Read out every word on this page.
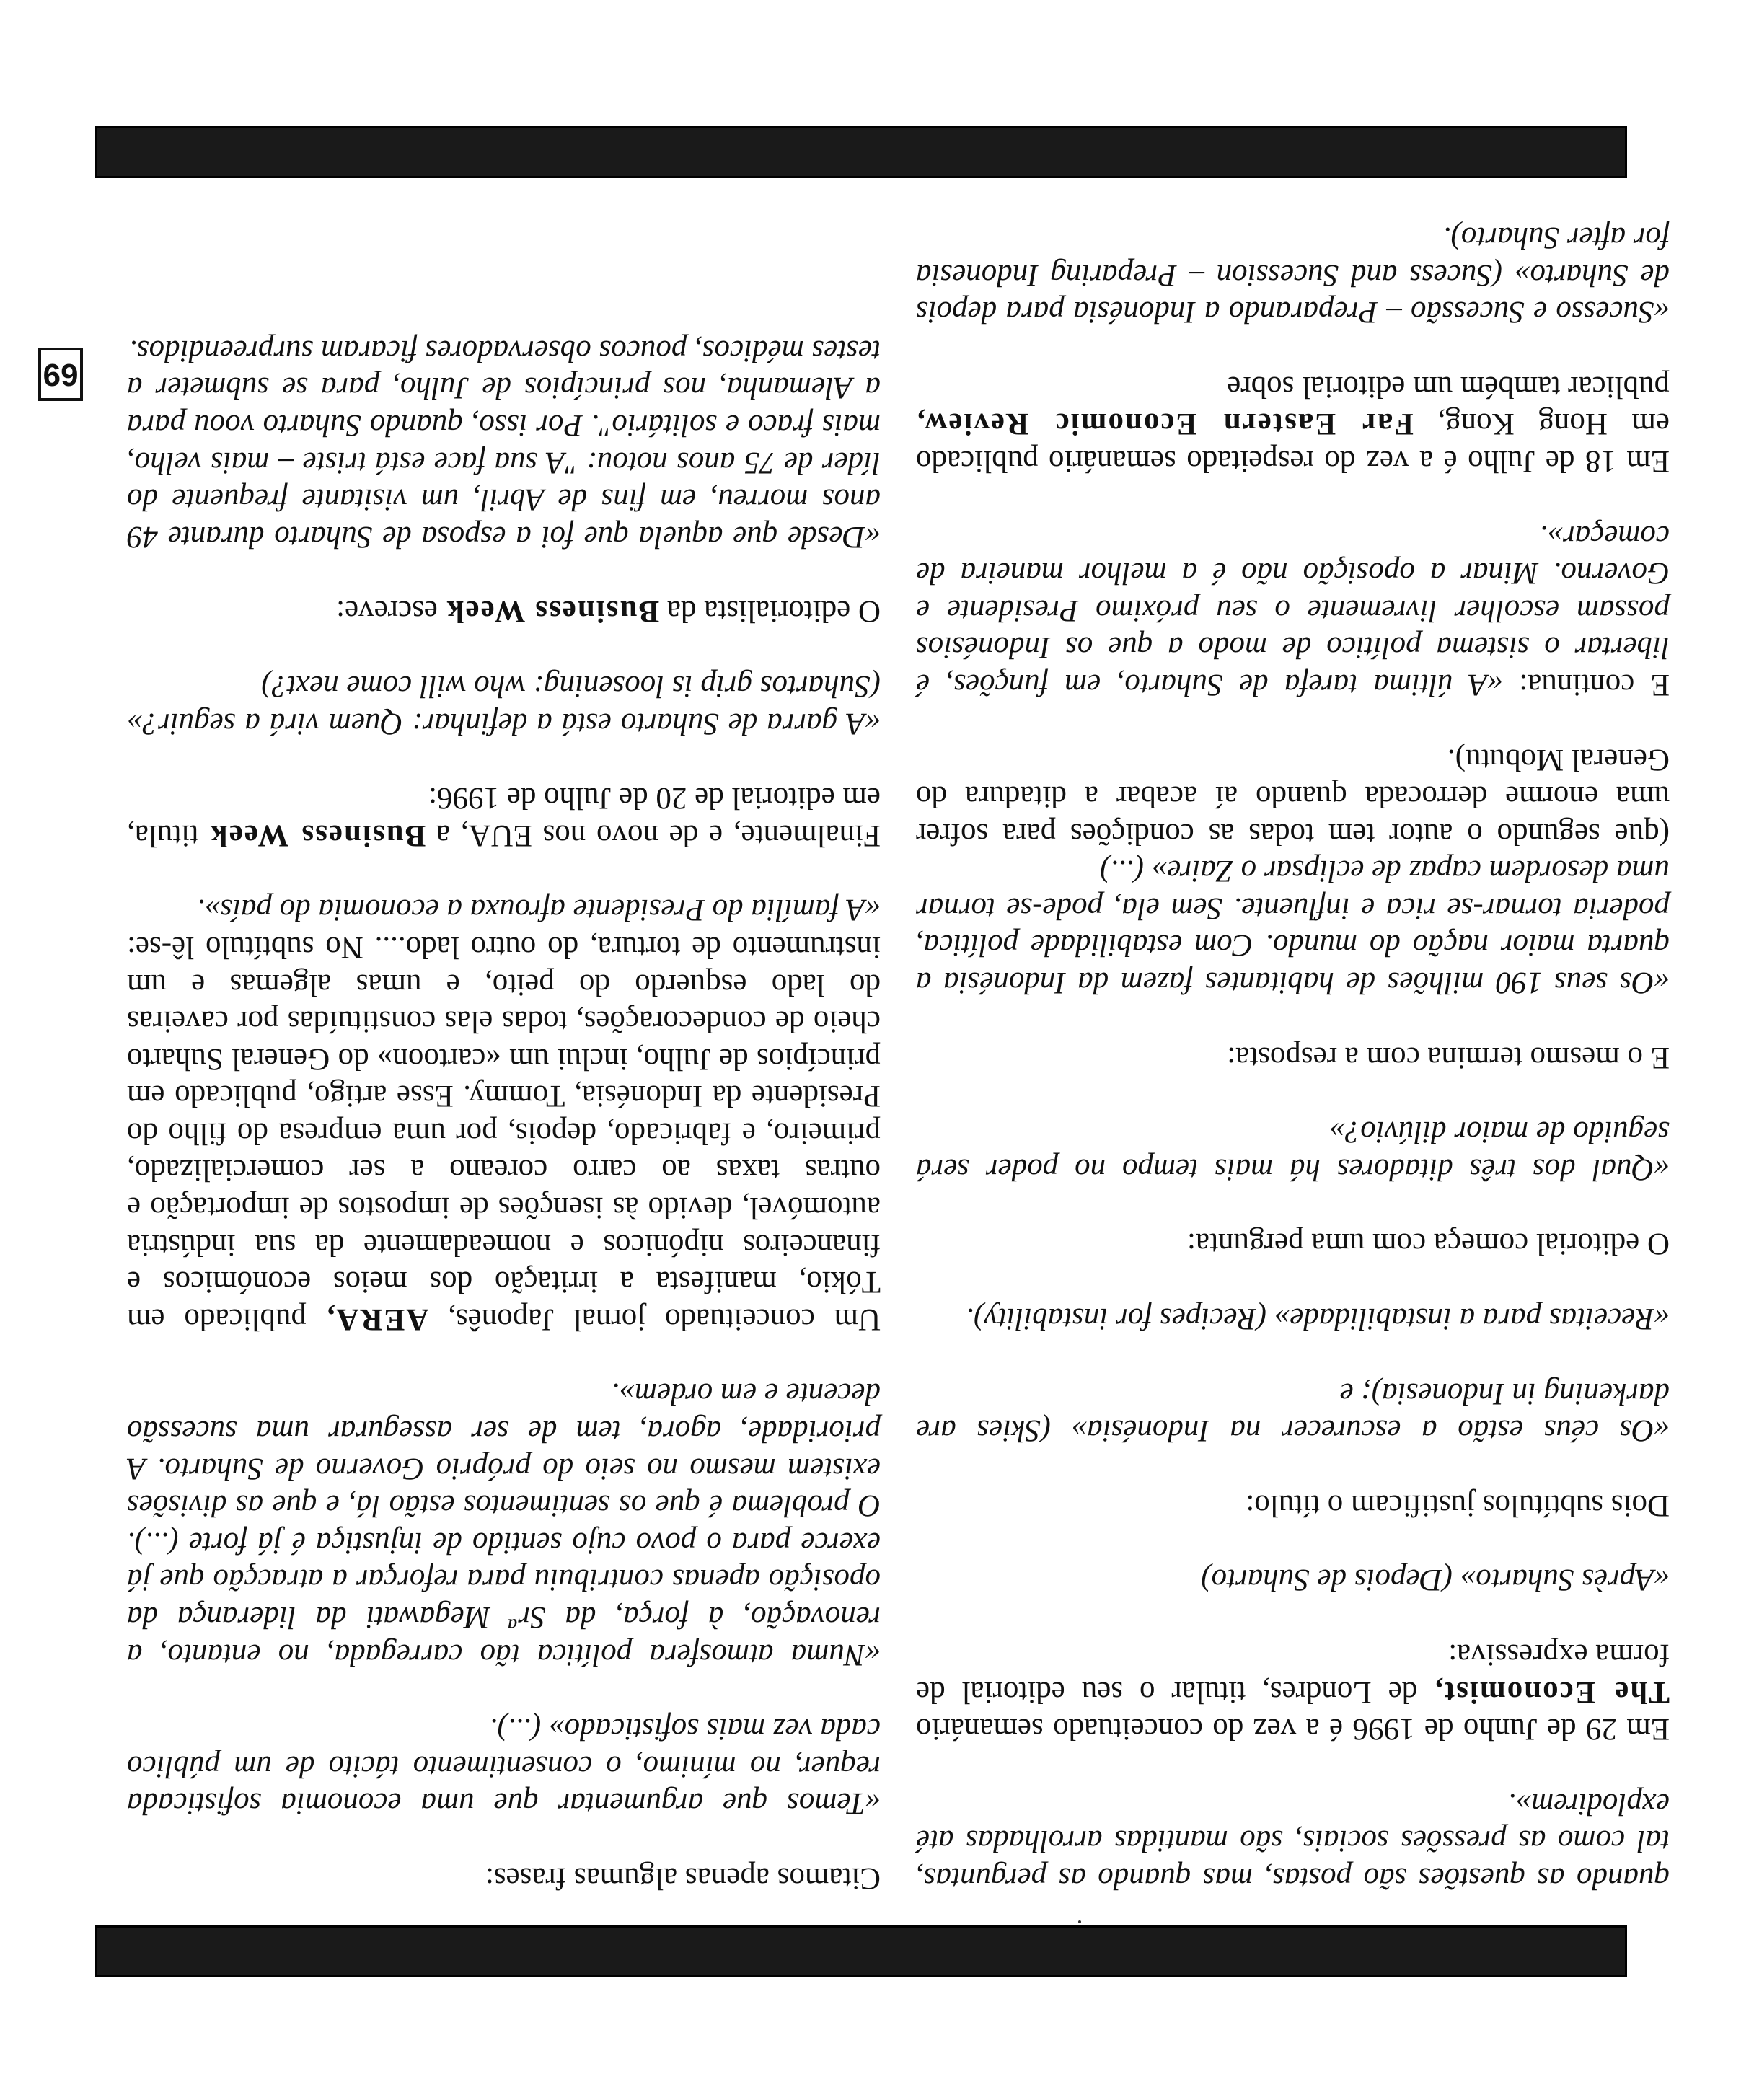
69

quando as questões são postas, mas quando as perguntas, tal como as pressões sociais, são mantidas arrolhadas até explodirem».

Em 29 de Junho de 1996 é a vez do conceituado semanário The Economist, de Londres, titular o seu editorial de forma expressiva:

«Après Suharto» (Depois de Suharto)

Dois subtítulos justificam o título:

«Os céus estão a escurecer na Indonésia» (Skies are darkening in Indonesia); e

«Receitas para a instabilidade» (Recipes for instability).

O editorial começa com uma pergunta:

«Qual dos três ditadores há mais tempo no poder será seguido de maior dilúvio?»

E o mesmo termina com a resposta:

«Os seus 190 milhões de habitantes fazem da Indonésia a quarta maior nação do mundo. Com estabilidade política, poderia tornar-se rica e influente. Sem ela, pode-se tornar uma desordem capaz de eclipsar o Zaire» (...)

(que segundo o autor tem todas as condições para sofrer uma enorme derrocada quando aí acabar a ditadura do General Mobutu).

E continua: «A última tarefa de Suharto, em funções, é libertar o sistema político de modo a que os Indonésios possam escolher livremente o seu próximo Presidente e Governo. Minar a oposição não é a melhor maneira de começar».

Em 18 de Julho é a vez do respeitado semanário publicado em Hong Kong, Far Eastern Economic Review, publicar também um editorial sobre

«Sucesso e Sucessão – Preparando a Indonésia para depois de Suharto» (Sucess and Sucession – Preparing Indonesia for after Suharto).

Citamos apenas algumas frases:

«Temos que argumentar que uma economia sofisticada requer, no mínimo, o consentimento tácito de um público cada vez mais sofisticado» (...).

«Numa atmosfera política tão carregada, no entanto, a renovação, à força, da Srª Megawati da liderança da oposição apenas contribuiu para reforçar a atracção que já exerce para o povo cujo sentido de injustiça é já forte (...). O problema é que os sentimentos estão lá, e que as divisões existem mesmo no seio do próprio Governo de Suharto. A prioridade, agora, tem de ser assegurar uma sucessão decente e em ordem».

Um conceituado jornal Japonês, AERA, publicado em Tókio, manifesta a irritação dos meios económicos e financeiros nipónicos e nomeadamente da sua indústria automóvel, devido às isenções de impostos de importação e outras taxas ao carro coreano a ser comercializado, primeiro, e fabricado, depois, por uma empresa do filho do Presidente da Indonésia, Tommy. Esse artigo, publicado em princípios de Julho, inclui um «cartoon» do General Suharto cheio de condecorações, todas elas constituídas por caveiras do lado esquerdo do peito, e umas algemas e um instrumento de tortura, do outro lado.... No subtítulo lê-se: «A família do Presidente afrouxa a economia do país».

Finalmente, e de novo nos EUA, a Business Week titula, em editorial de 20 de Julho de 1996:

«A garra de Suharto está a definhar: Quem virá a seguir?» (Suhartos grip is loosening: who will come next?)

O editorialista da Business Week escreve:

«Desde que aquela que foi a esposa de Suharto durante 49 anos morreu, em fins de Abril, um visitante frequente do líder de 75 anos notou: "A sua face está triste – mais velho, mais fraco e solitário". Por isso, quando Suharto voou para a Alemanha, nos princípios de Julho, para se submeter a testes médicos, poucos observadores ficaram surpreendidos.
